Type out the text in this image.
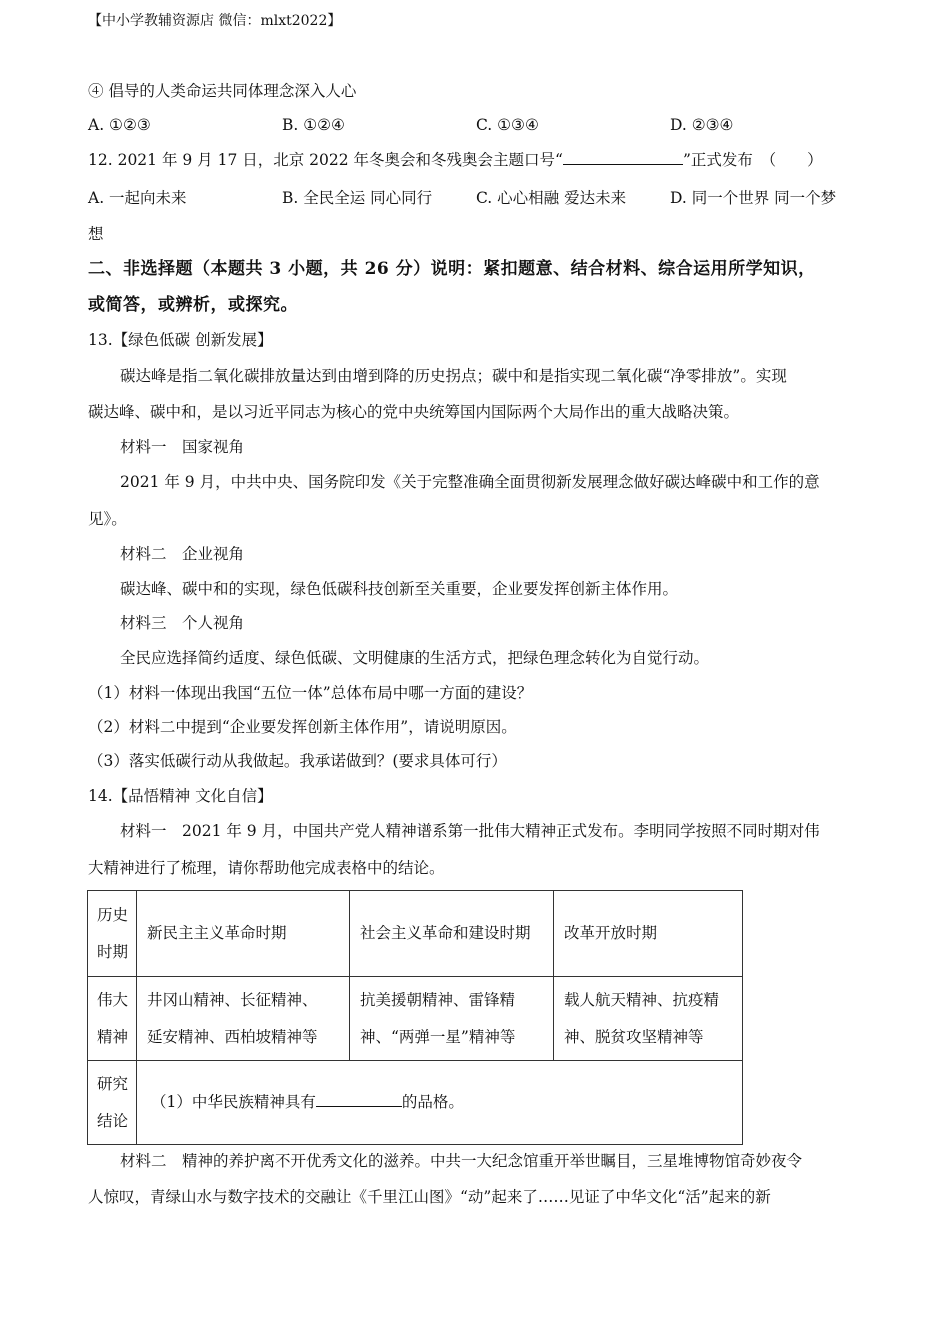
【中小学教辅资源店 微信：mlxt2022】
④ 倡导的人类命运共同体理念深入人心
A. ①②③	B. ①②④	C. ①③④	D. ②③④
12. 2021 年 9 月 17 日，北京 2022 年冬奥会和冬残奥会主题口号“	”正式发布　（　　）
A. 一起向未来	B. 全民全运 同心同行	C. 心心相融 爱达未来	D. 同一个世界 同一个梦
想
二、非选择题（本题共 3 小题，共 26 分）说明：紧扣题意、结合材料、综合运用所学知识，
或简答，或辨析，或探究。
13.【绿色低碳 创新发展】
碳达峰是指二氧化碳排放量达到由增到降的历史拐点；碳中和是指实现二氧化碳“净零排放”。实现
碳达峰、碳中和，是以习近平同志为核心的党中央统筹国内国际两个大局作出的重大战略决策。
材料一　国家视角
2021 年 9 月，中共中央、国务院印发《关于完整准确全面贯彻新发展理念做好碳达峰碳中和工作的意
见》。
材料二　企业视角
碳达峰、碳中和的实现，绿色低碳科技创新至关重要，企业要发挥创新主体作用。
材料三　个人视角
全民应选择简约适度、绿色低碳、文明健康的生活方式，把绿色理念转化为自觉行动。
（1）材料一体现出我国“五位一体”总体布局中哪一方面的建设？
（2）材料二中提到“企业要发挥创新主体作用”，请说明原因。
（3）落实低碳行动从我做起。我承诺做到？(要求具体可行）
14.【品悟精神 文化自信】
材料一　2021 年 9 月，中国共产党人精神谱系第一批伟大精神正式发布。李明同学按照不同时期对伟
大精神进行了梳理，请你帮助他完成表格中的结论。
历史
时期	新民主主义革命时期	社会主义革命和建设时期	改革开放时期

伟大
精神	井冈山精神、长征精神、
延安精神、西柏坡精神等	抗美援朝精神、雷锋精
神、“两弹一星”精神等	载人航天精神、抗疫精
神、脱贫攻坚精神等

研究
结论	（1）中华民族精神具有 的品格。		
材料二　精神的养护离不开优秀文化的滋养。中共一大纪念馆重开举世瞩目，三星堆博物馆奇妙夜令
人惊叹，青绿山水与数字技术的交融让《千里江山图》“动”起来了……见证了中华文化“活”起来的新
